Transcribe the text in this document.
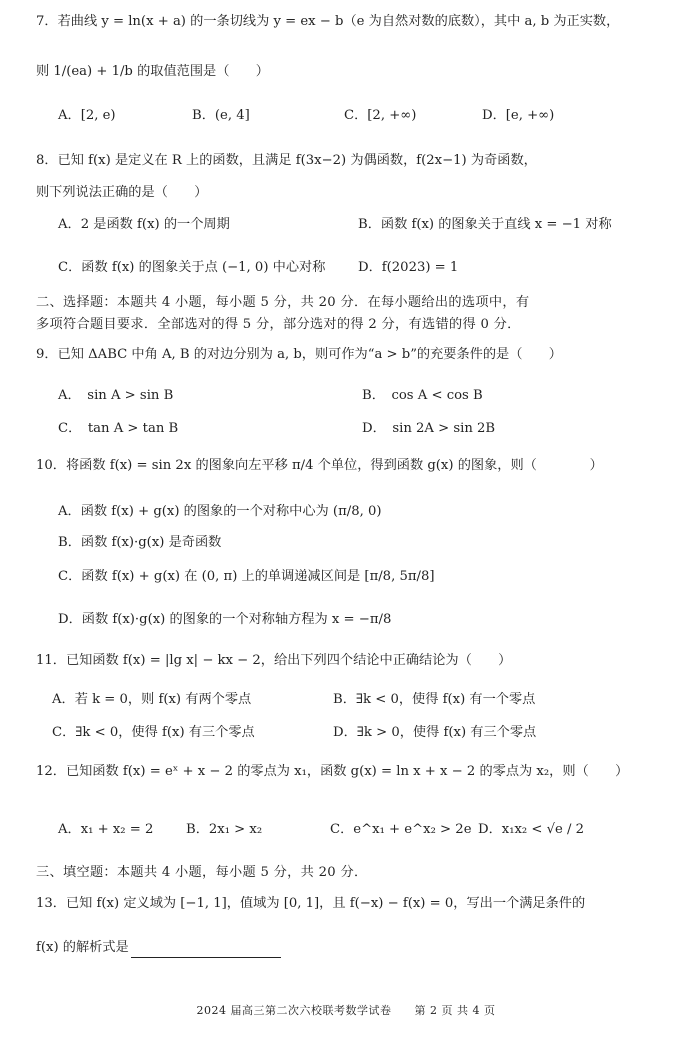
7．若曲线 y = ln(x + a) 的一条切线为 y = ex − b（e 为自然对数的底数），其中 a, b 为正实数，
则 1/(ea) + 1/b 的取值范围是（　　）
A．[2, e)	B．(e, 4]	C．[2, +∞)	D．[e, +∞)
8．已知 f(x) 是定义在 R 上的函数，且满足 f(3x−2) 为偶函数，f(2x−1) 为奇函数，
则下列说法正确的是（　　）
A．2 是函数 f(x) 的一个周期	B．函数 f(x) 的图象关于直线 x = −1 对称
C．函数 f(x) 的图象关于点 (−1, 0) 中心对称 D．f(2023) = 1
二、选择题：本题共 4 小题，每小题 5 分，共 20 分．在每小题给出的选项中，有
多项符合题目要求．全部选对的得 5 分，部分选对的得 2 分，有选错的得 0 分．
9．已知 ΔABC 中角 A, B 的对边分别为 a, b，则可作为“a > b”的充要条件的是（　　）
A．　sin A > sin B	B．　cos A < cos B
C．　tan A > tan B	D．　sin 2A > sin 2B
10．将函数 f(x) = sin 2x 的图象向左平移 π/4 个单位，得到函数 g(x) 的图象，则（　　　　）
A．函数 f(x) + g(x) 的图象的一个对称中心为 (π/8, 0)
B．函数 f(x)·g(x) 是奇函数
C．函数 f(x) + g(x) 在 (0, π) 上的单调递减区间是 [π/8, 5π/8]
D．函数 f(x)·g(x) 的图象的一个对称轴方程为 x = −π/8
11．已知函数 f(x) = |lg x| − kx − 2，给出下列四个结论中正确结论为（　　）
A．若 k = 0，则 f(x) 有两个零点	B．∃k < 0，使得 f(x) 有一个零点
C．∃k < 0，使得 f(x) 有三个零点	D．∃k > 0，使得 f(x) 有三个零点
12．已知函数 f(x) = eˣ + x − 2 的零点为 x₁，函数 g(x) = ln x + x − 2 的零点为 x₂，则（　　）
A．x₁ + x₂ = 2 B．2x₁ > x₂	C．e^x₁ + e^x₂ > 2e D．x₁x₂ < √e / 2
三、填空题：本题共 4 小题，每小题 5 分，共 20 分．
13．已知 f(x) 定义域为 [−1, 1]，值域为 [0, 1]，且 f(−x) − f(x) = 0，写出一个满足条件的
f(x) 的解析式是
2024 届高三第二次六校联考数学试卷　　第 2 页 共 4 页
